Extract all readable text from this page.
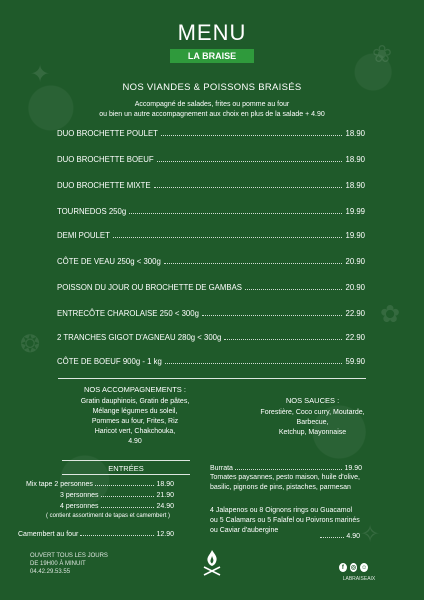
✦
❀
✿
❂
✧
MENU
LA BRAISE
NOS VIANDES & POISSONS BRAISÉS
Accompagné de salades, frites ou pomme au four
ou bien un autre accompagnement aux choix en plus de la salade + 4.90
DUO BROCHETTE POULET	18.90
DUO BROCHETTE BOEUF	18.90
DUO BROCHETTE MIXTE	18.90
TOURNEDOS 250g	19.99
DEMI POULET	19.90
CÔTE DE VEAU 250g < 300g	20.90
POISSON DU JOUR OU BROCHETTE DE GAMBAS	20.90
ENTRECÔTE CHAROLAISE 250 < 300g	22.90
2 TRANCHES GIGOT D'AGNEAU 280g < 300g	22.90
CÔTE DE BOEUF 900g - 1 kg	59.90
NOS ACCOMPAGNEMENTS :
Gratin dauphinois, Gratin de pâtes,
Mélange légumes du soleil,
Pommes au four, Frites, Riz
Haricot vert, Chakchouka,
4.90
NOS SAUCES :
Forestière, Coco curry, Moutarde,
Barbecue,
Ketchup, Mayonnaise
ENTRÉES
Mix tape 2 personnes	18.90
3 personnes	21.90
4 personnes	24.90
( contient assortiment de tapas et camembert )
Camembert au four	12.90
Burrata	19.90
Tomates paysannes, pesto maison, huile d'olive,
basilic, pignons de pins, pistaches, parmesan
4 Jalapenos ou 8 Oignons rings ou Guacamol
ou 5 Calamars ou 5 Falafel ou Poivrons marinés
ou Caviar d'aubergine
4.90
OUVERT TOUS LES JOURS
DE 19H00 À MINUIT
04.42.29.53.55
f	◎ ☺
LABRAISEAIX
